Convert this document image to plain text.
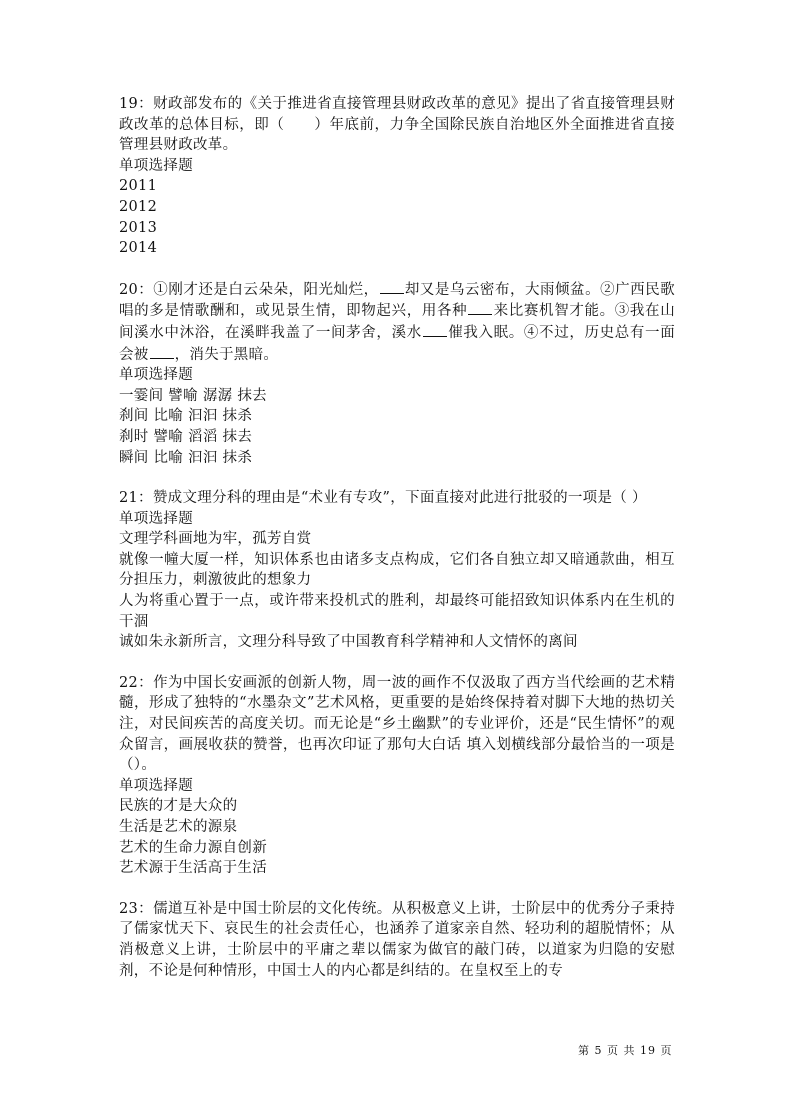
19：财政部发布的《关于推进省直接管理县财政改革的意见》提出了省直接管理县财政改革的总体目标，即（　　）年底前，力争全国除民族自治地区外全面推进省直接管理县财政改革。

单项选择题

2011

2012

2013

2014

20：①刚才还是白云朵朵，阳光灿烂， 却又是乌云密布，大雨倾盆。②广西民歌唱的多是情歌酬和，或见景生情，即物起兴，用各种 来比赛机智才能。③我在山间溪水中沐浴，在溪畔我盖了一间茅舍，溪水 催我入眠。④不过，历史总有一面会被 ，消失于黑暗。

单项选择题

一霎间 譬喻 潺潺 抹去

刹间 比喻 汩汩 抹杀

刹时 譬喻 滔滔 抹去

瞬间 比喻 汩汩 抹杀

21：赞成文理分科的理由是“术业有专攻”，下面直接对此进行批驳的一项是（ ）

单项选择题

文理学科画地为牢，孤芳自赏

就像一幢大厦一样，知识体系也由诸多支点构成，它们各自独立却又暗通款曲，相互分担压力，刺激彼此的想象力

人为将重心置于一点，或许带来投机式的胜利，却最终可能招致知识体系内在生机的干涸

诚如朱永新所言，文理分科导致了中国教育科学精神和人文情怀的离间

22：作为中国长安画派的创新人物，周一波的画作不仅汲取了西方当代绘画的艺术精髓，形成了独特的“水墨杂文”艺术风格，更重要的是始终保持着对脚下大地的热切关注，对民间疾苦的高度关切。而无论是“乡土幽默”的专业评价，还是“民生情怀”的观众留言，画展收获的赞誉，也再次印证了那句大白话 填入划横线部分最恰当的一项是（）。

单项选择题

民族的才是大众的

生活是艺术的源泉

艺术的生命力源自创新

艺术源于生活高于生活

23：儒道互补是中国士阶层的文化传统。从积极意义上讲，士阶层中的优秀分子秉持了儒家忧天下、哀民生的社会责任心，也涵养了道家亲自然、轻功利的超脱情怀；从消极意义上讲，士阶层中的平庸之辈以儒家为做官的敲门砖，以道家为归隐的安慰剂，不论是何种情形，中国士人的内心都是纠结的。在皇权至上的专

第 5 页 共 19 页
